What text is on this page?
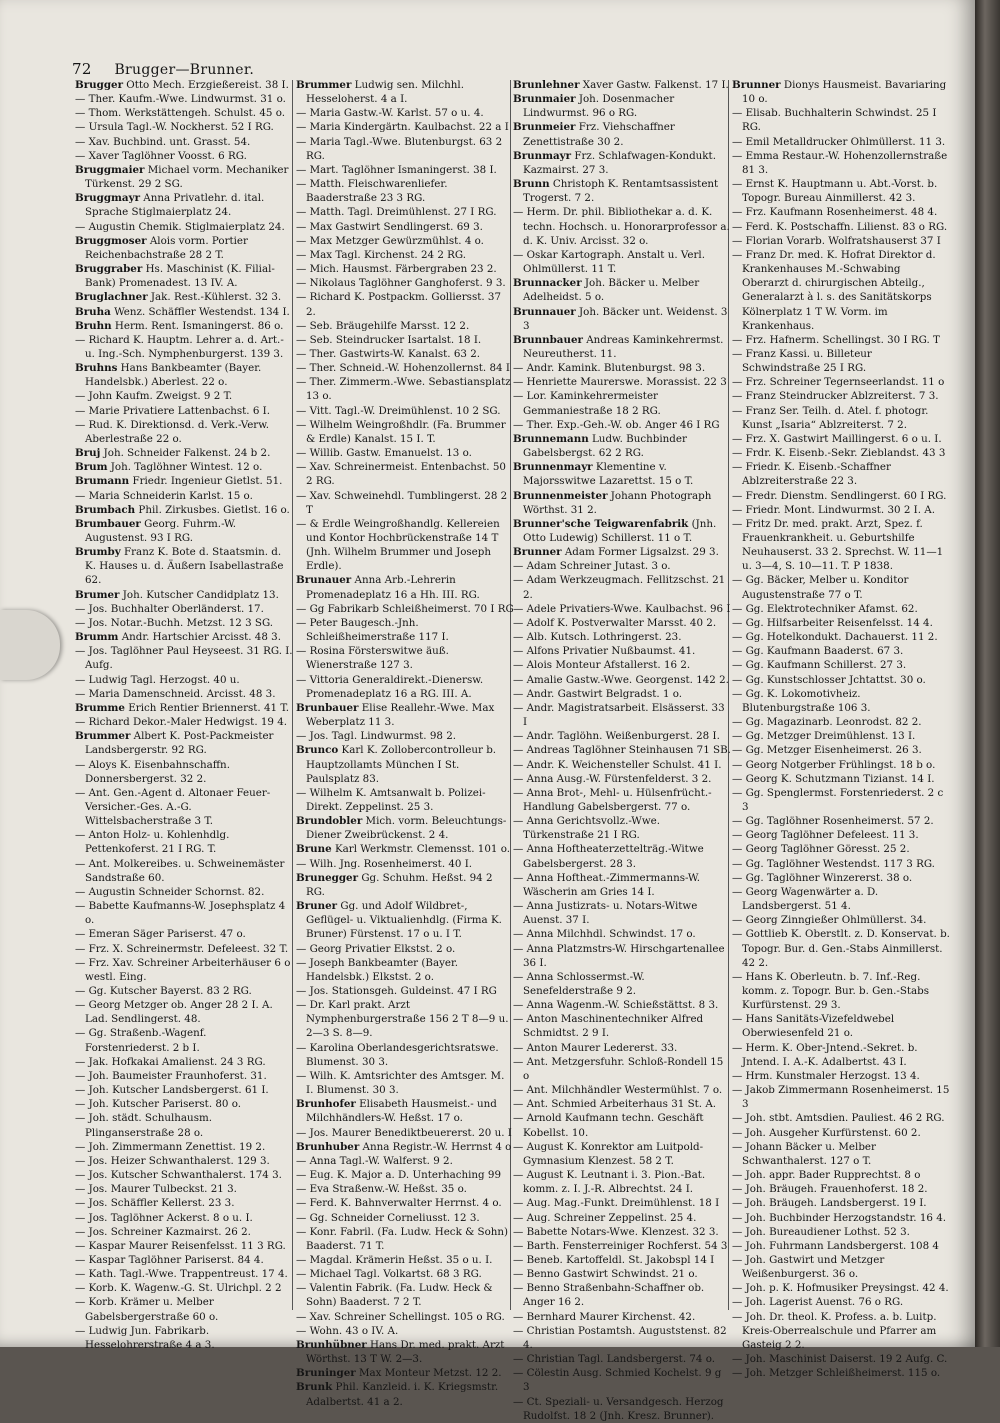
72 Brugger—Brunner.
Brugger Otto Mech. Erzgießereist. 38 I.
— Ther. Kaufm.-Wwe. Lindwurmst. 31 o.
— Thom. Werkstättengeh. Schulst. 45 o.
— Ursula Tagl.-W. Nockherst. 52 I RG.
— Xav. Buchbind. unt. Grasst. 54.
— Xaver Taglöhner Voosst. 6 RG.
Bruggmaier Michael vorm. Mechaniker Türkenst. 29 2 SG.
Bruggmayr Anna Privatlehr. d. ital. Sprache Stiglmaierplatz 24.
— Augustin Chemik. Stiglmaierplatz 24.
Bruggmoser Alois vorm. Portier Reichenbachstraße 28 2 T.
Bruggraber Hs. Maschinist (K. Filial-Bank) Promenadest. 13 IV. A.
Bruglachner Jak. Rest.-Kühlerst. 32 3.
Bruha Wenz. Schäffler Westendst. 134 I.
Bruhn Herm. Rent. Ismaningerst. 86 o.
— Richard K. Hauptm. Lehrer a. d. Art.- u. Ing.-Sch. Nymphenburgerst. 139 3.
Bruhns Hans Bankbeamter (Bayer. Handelsbk.) Aberlest. 22 o.
— John Kaufm. Zweigst. 9 2 T.
— Marie Privatiere Lattenbachst. 6 I.
— Rud. K. Direktionsd. d. Verk.-Verw. Aberlestraße 22 o.
Bruj Joh. Schneider Falkenst. 24 b 2.
Brum Joh. Taglöhner Wintest. 12 o.
Brumann Friedr. Ingenieur Gietlst. 51.
— Maria Schneiderin Karlst. 15 o.
Brumbach Phil. Zirkusbes. Gietlst. 16 o.
Brumbauer Georg. Fuhrm.-W. Augustenst. 93 I RG.
Brumby Franz K. Bote d. Staatsmin. d. K. Hauses u. d. Äußern Isabellastraße 62.
Brumer Joh. Kutscher Candidplatz 13.
— Jos. Buchhalter Oberländerst. 17.
— Jos. Notar.-Buchh. Metzst. 12 3 SG.
Brumm Andr. Hartschier Arcisst. 48 3.
— Jos. Taglöhner Paul Heyseest. 31 RG. I. Aufg.
— Ludwig Tagl. Herzogst. 40 u.
— Maria Damenschneid. Arcisst. 48 3.
Brumme Erich Rentier Briennerst. 41 T.
— Richard Dekor.-Maler Hedwigst. 19 4.
Brummer Albert K. Post-Packmeister Landsbergerstr. 92 RG.
— Aloys K. Eisenbahnschaffn. Donnersbergerst. 32 2.
— Ant. Gen.-Agent d. Altonaer Feuer-Versicher.-Ges. A.-G. Wittelsbacherstraße 3 T.
— Anton Holz- u. Kohlenhdlg. Pettenkoferst. 21 I RG. T.
— Ant. Molkereibes. u. Schweinemäster Sandstraße 60.
— Augustin Schneider Schornst. 82.
— Babette Kaufmanns-W. Josephsplatz 4 o.
— Emeran Säger Pariserst. 47 o.
— Frz. X. Schreinermstr. Defeleest. 32 T.
— Frz. Xav. Schreiner Arbeiterhäuser 6 o westl. Eing.
— Gg. Kutscher Bayerst. 83 2 RG.
— Georg Metzger ob. Anger 28 2 I. A. Lad. Sendlingerst. 48.
— Gg. Straßenb.-Wagenf. Forstenriederst. 2 b I.
— Jak. Hofkakai Amalienst. 24 3 RG.
— Joh. Baumeister Fraunhoferst. 31.
— Joh. Kutscher Landsbergerst. 61 I.
— Joh. Kutscher Pariserst. 80 o.
— Joh. städt. Schulhausm. Plinganserstraße 28 o.
— Joh. Zimmermann Zenettist. 19 2.
— Jos. Heizer Schwanthalerst. 129 3.
— Jos. Kutscher Schwanthalerst. 174 3.
— Jos. Maurer Tulbeckst. 21 3.
— Jos. Schäffler Kellerst. 23 3.
— Jos. Taglöhner Ackerst. 8 o u. I.
— Jos. Schreiner Kazmairst. 26 2.
— Kaspar Maurer Reisenfelsst. 11 3 RG.
— Kaspar Taglöhner Pariserst. 84 4.
— Kath. Tagl.-Wwe. Trappentreust. 17 4.
— Korb. K. Wagenw.-G. St. Ulrichpl. 2 2
— Korb. Krämer u. Melber Gabelsbergerstraße 60 o.
— Ludwig Jun. Fabrikarb. Hesselohrerstraße 4 a 3.
Brummer Ludwig sen. Milchhl. Hesseloherst. 4 a I.
— Maria Gastw.-W. Karlst. 57 o u. 4.
— Maria Kindergärtn. Kaulbachst. 22 a I
— Maria Tagl.-Wwe. Blutenburgst. 63 2 RG.
— Mart. Taglöhner Ismaningerst. 38 I.
— Matth. Fleischwarenliefer. Baaderstraße 23 3 RG.
— Matth. Tagl. Dreimühlenst. 27 I RG.
— Max Gastwirt Sendlingerst. 69 3.
— Max Metzger Gewürzmühlst. 4 o.
— Max Tagl. Kirchenst. 24 2 RG.
— Mich. Hausmst. Färbergraben 23 2.
— Nikolaus Taglöhner Ganghoferst. 9 3.
— Richard K. Postpackm. Golliersst. 37 2.
— Seb. Bräugehilfe Marsst. 12 2.
— Seb. Steindrucker Isartalst. 18 I.
— Ther. Gastwirts-W. Kanalst. 63 2.
— Ther. Schneid.-W. Hohenzollernst. 84 I
— Ther. Zimmerm.-Wwe. Sebastiansplatz 13 o.
— Vitt. Tagl.-W. Dreimühlenst. 10 2 SG.
— Wilhelm Weingroßhdlr. (Fa. Brummer & Erdle) Kanalst. 15 I. T.
— Willib. Gastw. Emanuelst. 13 o.
— Xav. Schreinermeist. Entenbachst. 50 2 RG.
— Xav. Schweinehdl. Tumblingerst. 28 2 T
— & Erdle Weingroßhandlg. Kellereien und Kontor Hochbrückenstraße 14 T (Jnh. Wilhelm Brummer und Joseph Erdle).
Brunauer Anna Arb.-Lehrerin Promenadeplatz 16 a Hh. III. RG.
— Gg Fabrikarb Schleißheimerst. 70 I RG
— Peter Baugesch.-Jnh. Schleißheimerstraße 117 I.
— Rosina Försterswitwe äuß. Wienerstraße 127 3.
— Vittoria Generaldirekt.-Dienersw. Promenadeplatz 16 a RG. III. A.
Brunbauer Elise Reallehr.-Wwe. Max Weberplatz 11 3.
— Jos. Tagl. Lindwurmst. 98 2.
Brunco Karl K. Zollobercontrolleur b. Hauptzollamts München I St. Paulsplatz 83.
— Wilhelm K. Amtsanwalt b. Polizei-Direkt. Zeppelinst. 25 3.
Brundobler Mich. vorm. Beleuchtungs-Diener Zweibrückenst. 2 4.
Brune Karl Werkmstr. Clemensst. 101 o.
— Wilh. Jng. Rosenheimerst. 40 I.
Brunegger Gg. Schuhm. Heßst. 94 2 RG.
Bruner Gg. und Adolf Wildbret-, Geflügel- u. Viktualienhdlg. (Firma K. Bruner) Fürstenst. 17 o u. I T.
— Georg Privatier Elkstst. 2 o.
— Joseph Bankbeamter (Bayer. Handelsbk.) Elkstst. 2 o.
— Jos. Stationsgeh. Guldeinst. 47 I RG
— Dr. Karl prakt. Arzt Nymphenburgerstraße 156 2 T 8—9 u. 2—3 S. 8—9.
— Karolina Oberlandesgerichtsratswe. Blumenst. 30 3.
— Wilh. K. Amtsrichter des Amtsger. M. I. Blumenst. 30 3.
Brunhofer Elisabeth Hausmeist.- und Milchhändlers-W. Heßst. 17 o.
— Jos. Maurer Benediktbeuererst. 20 u. I
Brunhuber Anna Registr.-W. Herrnst 4 o
— Anna Tagl.-W. Walferst. 9 2.
— Eug. K. Major a. D. Unterhaching 99
— Eva Straßenw.-W. Heßst. 35 o.
— Ferd. K. Bahnverwalter Herrnst. 4 o.
— Gg. Schneider Corneliusst. 12 3.
— Konr. Fabril. (Fa. Ludw. Heck & Sohn) Baaderst. 71 T.
— Magdal. Krämerin Heßst. 35 o u. I.
— Michael Tagl. Volkartst. 68 3 RG.
— Valentin Fabrik. (Fa. Ludw. Heck & Sohn) Baaderst. 7 2 T.
— Xav. Schreiner Schellingst. 105 o RG.
— Wohn. 43 o IV. A.
Brunhübner Hans Dr. med. prakt. Arzt Wörthst. 13 T W. 2—3.
Bruninger Max Monteur Metzst. 12 2.
Brunk Phil. Kanzleid. i. K. Kriegsmstr. Adalbertst. 41 a 2.
Brunlehner Xaver Gastw. Falkenst. 17 I.
Brunmaier Joh. Dosenmacher Lindwurmst. 96 o RG.
Brunmeier Frz. Viehschaffner Zenettistraße 30 2.
Brunmayr Frz. Schlafwagen-Kondukt. Kazmairst. 27 3.
Brunn Christoph K. Rentamtsassistent Trogerst. 7 2.
— Herm. Dr. phil. Bibliothekar a. d. K. techn. Hochsch. u. Honorarprofessor a. d. K. Univ. Arcisst. 32 o.
— Oskar Kartograph. Anstalt u. Verl. Ohlmüllerst. 11 T.
Brunnacker Joh. Bäcker u. Melber Adelheidst. 5 o.
Brunnauer Joh. Bäcker unt. Weidenst. 3 3
Brunnbauer Andreas Kaminkehrermst. Neureutherst. 11.
— Andr. Kamink. Blutenburgst. 98 3.
— Henriette Maurerswe. Morassist. 22 3
— Lor. Kaminkehrermeister Gemmaniestraße 18 2 RG.
— Ther. Exp.-Geh.-W. ob. Anger 46 I RG
Brunnemann Ludw. Buchbinder Gabelsbergst. 62 2 RG.
Brunnenmayr Klementine v. Majorsswitwe Lazarettst. 15 o T.
Brunnenmeister Johann Photograph Wörthst. 31 2.
Brunner'sche Teigwarenfabrik (Jnh. Otto Ludewig) Schillerst. 11 o T.
Brunner Adam Former Ligsalzst. 29 3.
— Adam Schreiner Jutast. 3 o.
— Adam Werkzeugmach. Fellitzschst. 21 2.
— Adele Privatiers-Wwe. Kaulbachst. 96 I
— Adolf K. Postverwalter Marsst. 40 2.
— Alb. Kutsch. Lothringerst. 23.
— Alfons Privatier Nußbaumst. 41.
— Alois Monteur Afstallerst. 16 2.
— Amalie Gastw.-Wwe. Georgenst. 142 2.
— Andr. Gastwirt Belgradst. 1 o.
— Andr. Magistratsarbeit. Elsässerst. 33 I
— Andr. Taglöhn. Weißenburgerst. 28 I.
— Andreas Taglöhner Steinhausen 71 SB.
— Andr. K. Weichensteller Schulst. 41 I.
— Anna Ausg.-W. Fürstenfelderst. 3 2.
— Anna Brot-, Mehl- u. Hülsenfrücht.-Handlung Gabelsbergerst. 77 o.
— Anna Gerichtsvollz.-Wwe. Türkenstraße 21 I RG.
— Anna Hoftheaterzettelträg.-Witwe Gabelsbergerst. 28 3.
— Anna Hoftheat.-Zimmermanns-W. Wäscherin am Gries 14 I.
— Anna Justizrats- u. Notars-Witwe Auenst. 37 I.
— Anna Milchhdl. Schwindst. 17 o.
— Anna Platzmstrs-W. Hirschgartenallee 36 I.
— Anna Schlossermst.-W. Senefelderstraße 9 2.
— Anna Wagenm.-W. Schießstättst. 8 3.
— Anton Maschinentechniker Alfred Schmidtst. 2 9 I.
— Anton Maurer Ledererst. 33.
— Ant. Metzgersfuhr. Schloß-Rondell 15 o
— Ant. Milchhändler Westermühlst. 7 o.
— Ant. Schmied Arbeiterhaus 31 St. A.
— Arnold Kaufmann techn. Geschäft Kobellst. 10.
— August K. Konrektor am Luitpold-Gymnasium Klenzest. 58 2 T.
— August K. Leutnant i. 3. Pion.-Bat. komm. z. I. J.-R. Albrechtst. 24 I.
— Aug. Mag.-Funkt. Dreimühlenst. 18 I
— Aug. Schreiner Zeppelinst. 25 4.
— Babette Notars-Wwe. Klenzest. 32 3.
— Barth. Fensterreiniger Rochferst. 54 3
— Beneb. Kartoffeldl. St. Jakobspl 14 I
— Benno Gastwirt Schwindst. 21 o.
— Benno Straßenbahn-Schaffner ob. Anger 16 2.
— Bernhard Maurer Kirchenst. 42.
— Christian Postamtsh. Auguststenst. 82 4.
— Christian Tagl. Landsbergerst. 74 o.
— Cölestin Ausg. Schmied Kochelst. 9 g 3
— Ct. Speziali- u. Versandgesch. Herzog Rudolfst. 18 2 (Jnh. Kresz. Brunner).
Brunner Dionys Hausmeist. Bavariaring 10 o.
— Elisab. Buchhalterin Schwindst. 25 I RG.
— Emil Metalldrucker Ohlmüllerst. 11 3.
— Emma Restaur.-W. Hohenzollernstraße 81 3.
— Ernst K. Hauptmann u. Abt.-Vorst. b. Topogr. Bureau Ainmillerst. 42 3.
— Frz. Kaufmann Rosenheimerst. 48 4.
— Ferd. K. Postschaffn. Lilienst. 83 o RG.
— Florian Vorarb. Wolfratshauserst 37 I
— Franz Dr. med. K. Hofrat Direktor d. Krankenhauses M.-Schwabing Oberarzt d. chirurgischen Abteilg., Generalarzt à l. s. des Sanitätskorps Kölnerplatz 1 T W. Vorm. im Krankenhaus.
— Frz. Hafnerm. Schellingst. 30 I RG. T
— Franz Kassi. u. Billeteur Schwindstraße 25 I RG.
— Frz. Schreiner Tegernseerlandst. 11 o
— Franz Steindrucker Ablzreiterst. 7 3.
— Franz Ser. Teilh. d. Atel. f. photogr. Kunst „Isaria“ Ablzreiterst. 7 2.
— Frz. X. Gastwirt Maillingerst. 6 o u. I.
— Frdr. K. Eisenb.-Sekr. Zieblandst. 43 3
— Friedr. K. Eisenb.-Schaffner Ablzreiterstraße 22 3.
— Fredr. Dienstm. Sendlingerst. 60 I RG.
— Friedr. Mont. Lindwurmst. 30 2 I. A.
— Fritz Dr. med. prakt. Arzt, Spez. f. Frauenkrankheit. u. Geburtshilfe Neuhauserst. 33 2. Sprechst. W. 11—1 u. 3—4, S. 10—11. T. P 1838.
— Gg. Bäcker, Melber u. Konditor Augustenstraße 77 o T.
— Gg. Elektrotechniker Afamst. 62.
— Gg. Hilfsarbeiter Reisenfelsst. 14 4.
— Gg. Hotelkondukt. Dachauerst. 11 2.
— Gg. Kaufmann Baaderst. 67 3.
— Gg. Kaufmann Schillerst. 27 3.
— Gg. Kunstschlosser Jchtattst. 30 o.
— Gg. K. Lokomotivheiz. Blutenburgstraße 106 3.
— Gg. Magazinarb. Leonrodst. 82 2.
— Gg. Metzger Dreimühlenst. 13 I.
— Gg. Metzger Eisenheimerst. 26 3.
— Georg Notgerber Frühlingst. 18 b o.
— Georg K. Schutzmann Tizianst. 14 I.
— Gg. Spenglermst. Forstenriederst. 2 c 3
— Gg. Taglöhner Rosenheimerst. 57 2.
— Georg Taglöhner Defeleest. 11 3.
— Georg Taglöhner Göresst. 25 2.
— Gg. Taglöhner Westendst. 117 3 RG.
— Gg. Taglöhner Winzererst. 38 o.
— Georg Wagenwärter a. D. Landsbergerst. 51 4.
— Georg Zinngießer Ohlmüllerst. 34.
— Gottlieb K. Oberstlt. z. D. Konservat. b. Topogr. Bur. d. Gen.-Stabs Ainmillerst. 42 2.
— Hans K. Oberleutn. b. 7. Inf.-Reg. komm. z. Topogr. Bur. b. Gen.-Stabs Kurfürstenst. 29 3.
— Hans Sanitäts-Vizefeldwebel Oberwiesenfeld 21 o.
— Herm. K. Ober-Jntend.-Sekret. b. Jntend. I. A.-K. Adalbertst. 43 I.
— Hrm. Kunstmaler Herzogst. 13 4.
— Jakob Zimmermann Rosenheimerst. 15 3
— Joh. stbt. Amtsdien. Pauliest. 46 2 RG.
— Joh. Ausgeher Kurfürstenst. 60 2.
— Johann Bäcker u. Melber Schwanthalerst. 127 o T.
— Joh. appr. Bader Rupprechtst. 8 o
— Joh. Bräugeh. Frauenhoferst. 18 2.
— Joh. Bräugeh. Landsbergerst. 19 I.
— Joh. Buchbinder Herzogstandstr. 16 4.
— Joh. Bureaudiener Lothst. 52 3.
— Joh. Fuhrmann Landsbergerst. 108 4
— Joh. Gastwirt und Metzger Weißenburgerst. 36 o.
— Joh. p. K. Hofmusiker Preysingst. 42 4.
— Joh. Lagerist Auenst. 76 o RG.
— Joh. Dr. theol. K. Profess. a. b. Luitp. Kreis-Oberrealschule und Pfarrer am Gasteig 2 2.
— Joh. Maschinist Daiserst. 19 2 Aufg. C.
— Joh. Metzger Schleißheimerst. 115 o.
